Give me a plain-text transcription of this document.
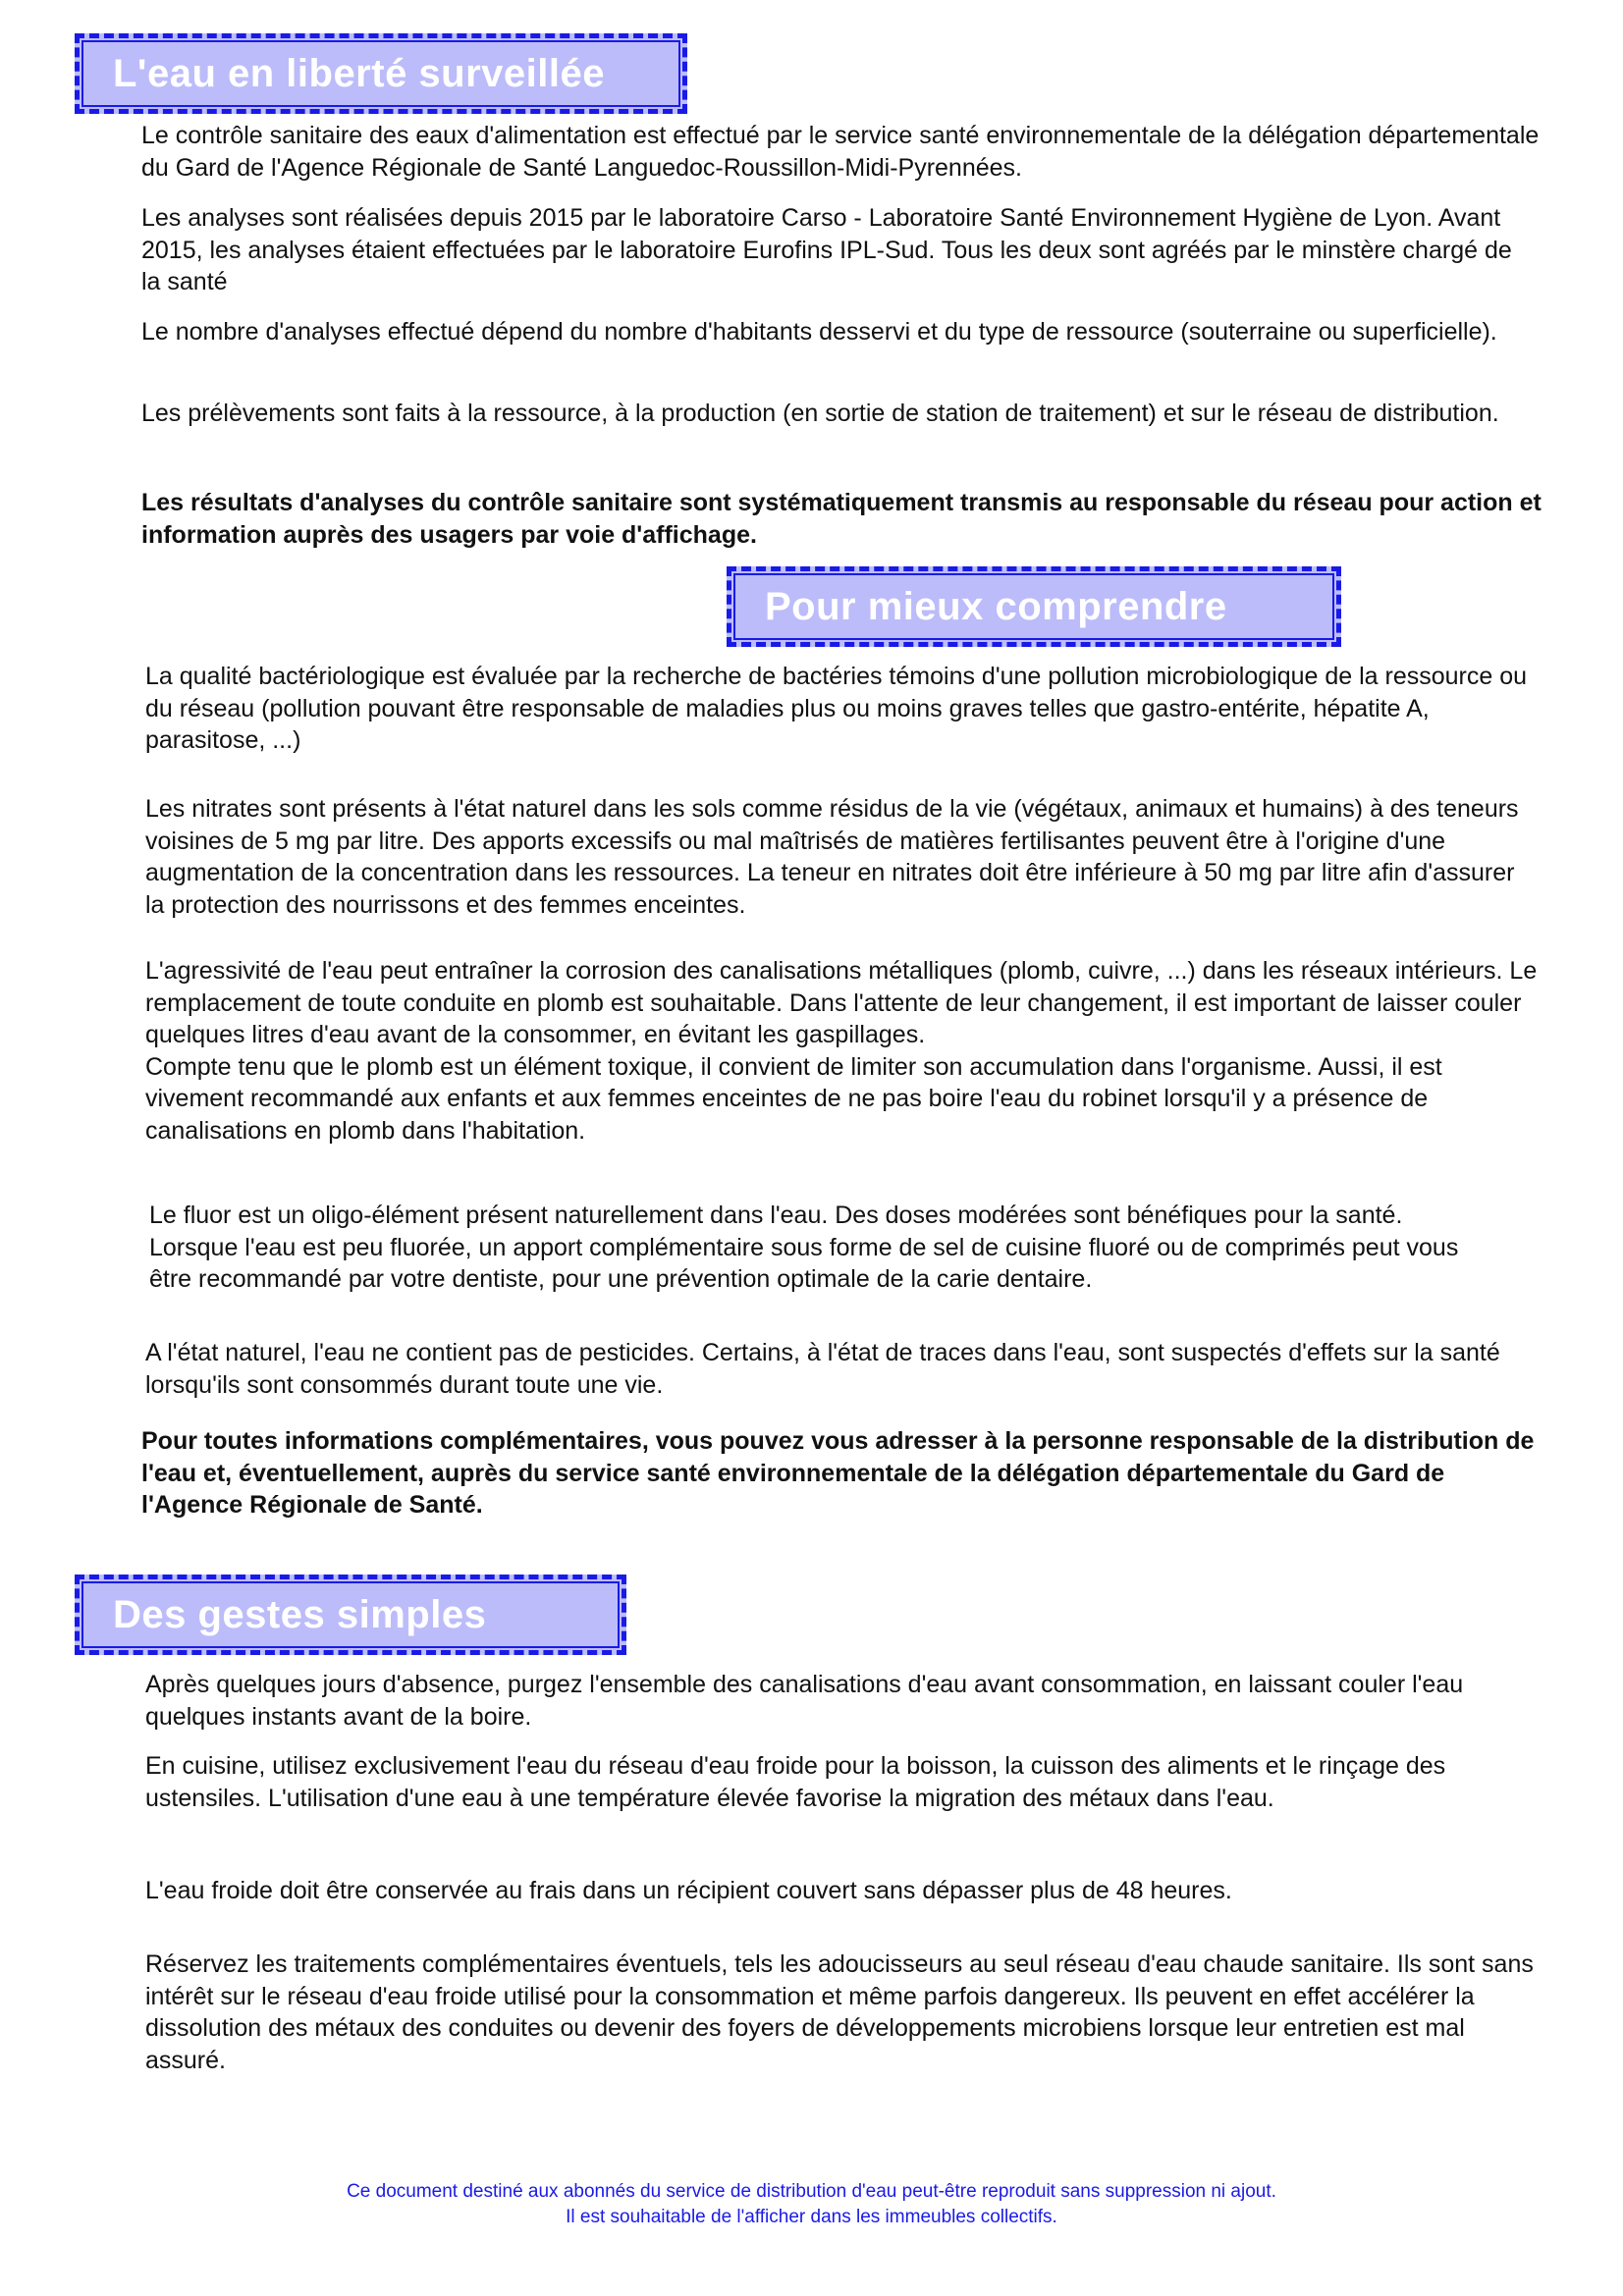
L'eau en liberté surveillée

Le contrôle sanitaire des eaux d'alimentation est effectué par le service santé environnementale de la délégation départementale du Gard de l'Agence Régionale de Santé Languedoc-Roussillon-Midi-Pyrennées.

Les analyses sont réalisées depuis 2015 par le laboratoire Carso - Laboratoire Santé Environnement Hygiène de Lyon. Avant 2015, les analyses étaient effectuées par le laboratoire Eurofins IPL-Sud. Tous les deux sont agréés par le minstère chargé de la santé

Le nombre d'analyses effectué dépend du nombre d'habitants desservi et du type de ressource (souterraine ou superficielle).

Les prélèvements sont faits à la ressource, à la production (en sortie de station de traitement) et sur le réseau de distribution.

Les résultats d'analyses du contrôle sanitaire sont systématiquement transmis au responsable du réseau pour action et information auprès des usagers par voie d'affichage.

Pour mieux comprendre

La qualité bactériologique est évaluée par la recherche de bactéries témoins d'une pollution microbiologique de la ressource ou du réseau (pollution pouvant être responsable de maladies plus ou moins graves telles que gastro-entérite, hépatite A, parasitose, ...)

Les nitrates sont présents à l'état naturel dans les sols comme résidus de la vie (végétaux, animaux et humains) à des teneurs voisines de 5 mg par litre. Des apports excessifs ou mal maîtrisés de matières fertilisantes peuvent être à l'origine d'une augmentation de la concentration dans les ressources. La teneur en nitrates doit être inférieure à 50 mg par litre afin d'assurer la protection des nourrissons et des femmes enceintes.

L'agressivité de l'eau peut entraîner la corrosion des canalisations métalliques (plomb, cuivre, ...) dans les réseaux intérieurs. Le remplacement de toute conduite en plomb est souhaitable. Dans l'attente de leur changement, il est important de laisser couler quelques litres d'eau avant de la consommer, en évitant les gaspillages.
Compte tenu que le plomb est un élément toxique, il convient de limiter son accumulation dans l'organisme. Aussi, il est vivement recommandé aux enfants et aux femmes enceintes de ne pas boire l'eau du robinet lorsqu'il y a présence de canalisations en plomb dans l'habitation.

Le fluor est un oligo-élément présent naturellement dans l'eau. Des doses modérées sont bénéfiques pour la santé. Lorsque l'eau est peu fluorée, un apport complémentaire sous forme de sel de cuisine fluoré ou de comprimés peut vous être recommandé par votre dentiste, pour une prévention optimale de la carie dentaire.

A l'état naturel, l'eau ne contient pas de pesticides. Certains, à l'état de traces dans l'eau, sont suspectés d'effets sur la santé lorsqu'ils sont consommés durant toute une vie.

Pour toutes informations complémentaires, vous pouvez vous adresser à la personne responsable de la distribution de l'eau et, éventuellement, auprès du service santé environnementale de la délégation départementale du Gard de l'Agence Régionale de Santé.

Des gestes simples

Après quelques jours d'absence, purgez l'ensemble des canalisations d'eau avant consommation, en laissant couler l'eau quelques instants avant de la boire.

En cuisine, utilisez exclusivement l'eau du réseau d'eau froide pour la boisson, la cuisson des aliments et le rinçage des ustensiles. L'utilisation d'une eau à une température élevée favorise la migration des métaux dans l'eau.

L'eau froide doit être conservée au frais dans un récipient couvert sans dépasser plus de 48 heures.

Réservez les traitements complémentaires éventuels, tels les adoucisseurs au seul réseau d'eau chaude sanitaire. Ils sont sans intérêt sur le réseau d'eau froide utilisé pour la consommation et même parfois dangereux. Ils peuvent en effet accélérer la dissolution des métaux des conduites ou devenir des foyers de développements microbiens lorsque leur entretien est mal assuré.

Ce document destiné aux abonnés du service de distribution d'eau peut-être reproduit sans suppression ni ajout.
Il est souhaitable de l'afficher dans les immeubles collectifs.
